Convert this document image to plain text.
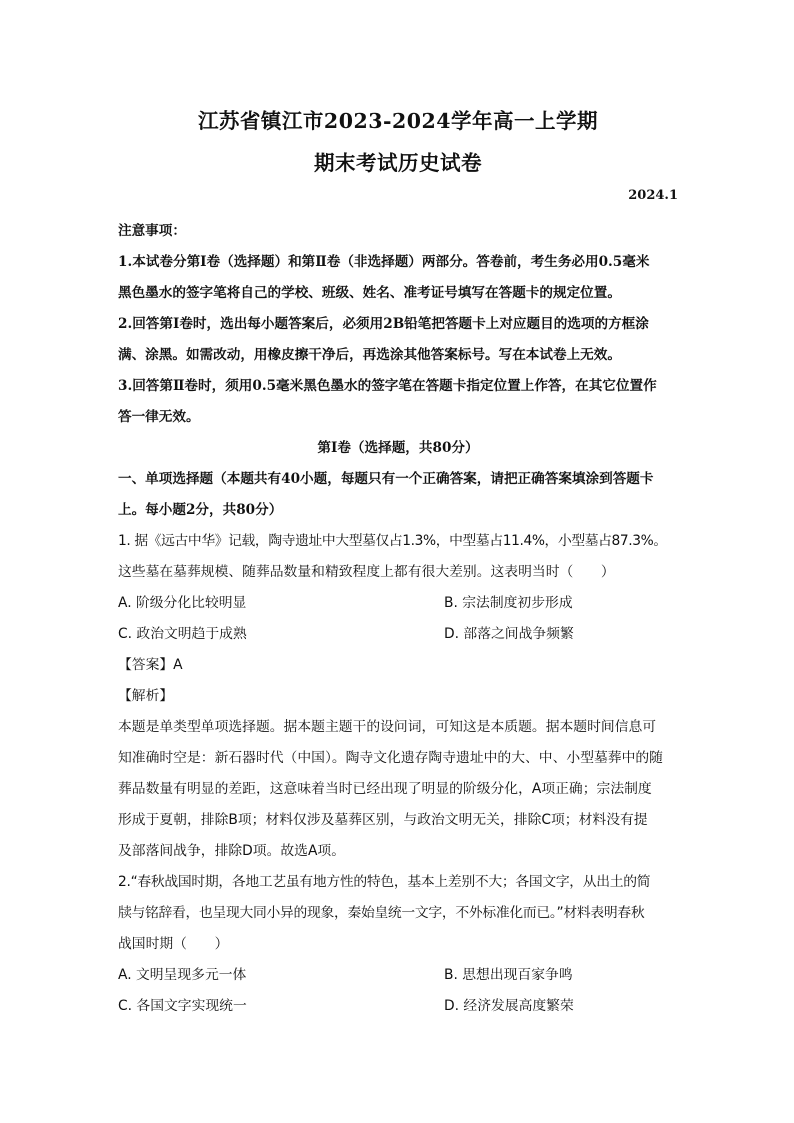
江苏省镇江市2023-2024学年高一上学期
期末考试历史试卷
2024.1
注意事项：
1.本试卷分第Ⅰ卷（选择题）和第Ⅱ卷（非选择题）两部分。答卷前，考生务必用0.5毫米
黑色墨水的签字笔将自己的学校、班级、姓名、准考证号填写在答题卡的规定位置。
2.回答第Ⅰ卷时，选出每小题答案后，必须用2B铅笔把答题卡上对应题目的选项的方框涂
满、涂黑。如需改动，用橡皮擦干净后，再选涂其他答案标号。写在本试卷上无效。
3.回答第Ⅱ卷时，须用0.5毫米黑色墨水的签字笔在答题卡指定位置上作答，在其它位置作
答一律无效。
第Ⅰ卷（选择题，共80分）
一、单项选择题（本题共有40小题，每题只有一个正确答案，请把正确答案填涂到答题卡
上。每小题2分，共80分）
1. 据《远古中华》记载，陶寺遗址中大型墓仅占1.3%，中型墓占11.4%，小型墓占87.3%。
这些墓在墓葬规模、随葬品数量和精致程度上都有很大差别。这表明当时（　　）
A. 阶级分化比较明显	B. 宗法制度初步形成
C. 政治文明趋于成熟	D. 部落之间战争频繁
【答案】A
【解析】
本题是单类型单项选择题。据本题主题干的设问词，可知这是本质题。据本题时间信息可
知准确时空是：新石器时代（中国）。陶寺文化遗存陶寺遗址中的大、中、小型墓葬中的随
葬品数量有明显的差距，这意味着当时已经出现了明显的阶级分化，A项正确；宗法制度
形成于夏朝，排除B项；材料仅涉及墓葬区别，与政治文明无关，排除C项；材料没有提
及部落间战争，排除D项。故选A项。
2.“春秋战国时期，各地工艺虽有地方性的特色，基本上差别不大；各国文字，从出土的简
牍与铭辞看，也呈现大同小异的现象，秦始皇统一文字，不外标准化而已。”材料表明春秋
战国时期（　　）
A. 文明呈现多元一体	B. 思想出现百家争鸣
C. 各国文字实现统一	D. 经济发展高度繁荣
